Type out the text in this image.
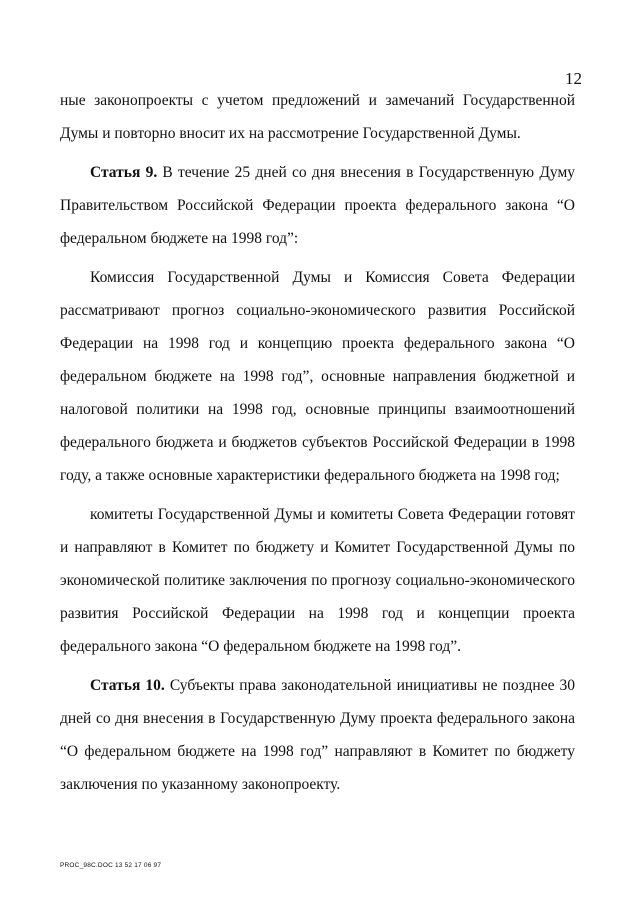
12

ные законопроекты с учетом предложений и замечаний Государственной Думы и повторно вносит их на рассмотрение Государственной Думы.

Статья 9. В течение 25 дней со дня внесения в Государственную Думу Правительством Российской Федерации проекта федерального закона “О федеральном бюджете на 1998 год”:

Комиссия Государственной Думы и Комиссия Совета Федерации рассматривают прогноз социально-экономического развития Российской Федерации на 1998 год и концепцию проекта федерального закона “О федеральном бюджете на 1998 год”, основные направления бюджетной и налоговой политики на 1998 год, основные принципы взаимоотношений федерального бюджета и бюджетов субъектов Российской Федерации в 1998 году, а также основные характеристики федерального бюджета на 1998 год;

комитеты Государственной Думы и комитеты Совета Федерации готовят и направляют в Комитет по бюджету и Комитет Государственной Думы по экономической политике заключения по прогнозу социально-экономического развития Российской Федерации на 1998 год и концепции проекта федерального закона “О федеральном бюджете на 1998 год”.

Статья 10. Субъекты права законодательной инициативы не позднее 30 дней со дня внесения в Государственную Думу проекта федерального закона “О федеральном бюджете на 1998 год” направляют в Комитет по бюджету заключения по указанному законопроекту.

PROC_98C.DOC 13 52 17 06 97
